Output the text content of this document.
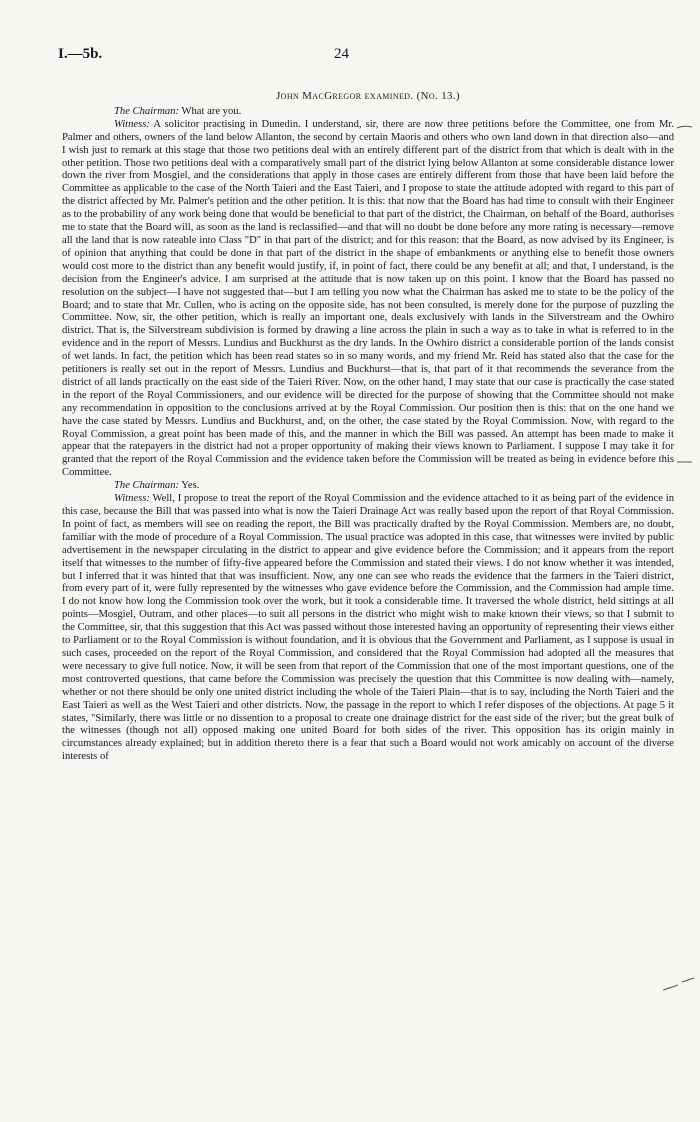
I.—5b.	24

John MacGregor examined. (No. 13.)

The Chairman: What are you.

Witness: A solicitor practising in Dunedin. I understand, sir, there are now three petitions before the Committee, one from Mr. Palmer and others, owners of the land below Allanton, the second by certain Maoris and others who own land down in that direction also—and I wish just to remark at this stage that those two petitions deal with an entirely different part of the district from that which is dealt with in the other petition. Those two petitions deal with a comparatively small part of the district lying below Allanton at some considerable distance lower down the river from Mosgiel, and the considerations that apply in those cases are entirely different from those that have been laid before the Committee as applicable to the case of the North Taieri and the East Taieri, and I propose to state the attitude adopted with regard to this part of the district affected by Mr. Palmer's petition and the other petition. It is this: that now that the Board has had time to consult with their Engineer as to the probability of any work being done that would be beneficial to that part of the district, the Chairman, on behalf of the Board, authorises me to state that the Board will, as soon as the land is reclassified—and that will no doubt be done before any more rating is necessary—remove all the land that is now rateable into Class "D" in that part of the district; and for this reason: that the Board, as now advised by its Engineer, is of opinion that anything that could be done in that part of the district in the shape of embankments or anything else to benefit those owners would cost more to the district than any benefit would justify, if, in point of fact, there could be any benefit at all; and that, I understand, is the decision from the Engineer's advice. I am surprised at the attitude that is now taken up on this point. I know that the Board has passed no resolution on the subject—I have not suggested that—but I am telling you now what the Chairman has asked me to state to be the policy of the Board; and to state that Mr. Cullen, who is acting on the opposite side, has not been consulted, is merely done for the purpose of puzzling the Committee. Now, sir, the other petition, which is really an important one, deals exclusively with lands in the Silverstream and the Owhiro district. That is, the Silverstream subdivision is formed by drawing a line across the plain in such a way as to take in what is referred to in the evidence and in the report of Messrs. Lundius and Buckhurst as the dry lands. In the Owhiro district a considerable portion of the lands consist of wet lands. In fact, the petition which has been read states so in so many words, and my friend Mr. Reid has stated also that the case for the petitioners is really set out in the report of Messrs. Lundius and Buckhurst—that is, that part of it that recommends the severance from the district of all lands practically on the east side of the Taieri River. Now, on the other hand, I may state that our case is practically the case stated in the report of the Royal Commissioners, and our evidence will be directed for the purpose of showing that the Committee should not make any recommendation in opposition to the conclusions arrived at by the Royal Commission. Our position then is this: that on the one hand we have the case stated by Messrs. Lundius and Buckhurst, and, on the other, the case stated by the Royal Commission. Now, with regard to the Royal Commission, a great point has been made of this, and the manner in which the Bill was passed. An attempt has been made to make it appear that the ratepayers in the district had not a proper opportunity of making their views known to Parliament. I suppose I may take it for granted that the report of the Royal Commission and the evidence taken before the Commission will be treated as being in evidence before this Committee.

The Chairman: Yes.

Witness: Well, I propose to treat the report of the Royal Commission and the evidence attached to it as being part of the evidence in this case, because the Bill that was passed into what is now the Taieri Drainage Act was really based upon the report of that Royal Commission. In point of fact, as members will see on reading the report, the Bill was practically drafted by the Royal Commission. Members are, no doubt, familiar with the mode of procedure of a Royal Commission. The usual practice was adopted in this case, that witnesses were invited by public advertisement in the newspaper circulating in the district to appear and give evidence before the Commission; and it appears from the report itself that witnesses to the number of fifty-five appeared before the Commission and stated their views. I do not know whether it was intended, but I inferred that it was hinted that that was insufficient. Now, any one can see who reads the evidence that the farmers in the Taieri district, from every part of it, were fully represented by the witnesses who gave evidence before the Commission, and the Commission had ample time. I do not know how long the Commission took over the work, but it took a considerable time. It traversed the whole district, held sittings at all points—Mosgiel, Outram, and other places—to suit all persons in the district who might wish to make known their views, so that I submit to the Committee, sir, that this suggestion that this Act was passed without those interested having an opportunity of representing their views either to Parliament or to the Royal Commission is without foundation, and it is obvious that the Government and Parliament, as I suppose is usual in such cases, proceeded on the report of the Royal Commission, and considered that the Royal Commission had adopted all the measures that were necessary to give full notice. Now, it will be seen from that report of the Commission that one of the most important questions, one of the most controverted questions, that came before the Commission was precisely the question that this Committee is now dealing with—namely, whether or not there should be only one united district including the whole of the Taieri Plain—that is to say, including the North Taieri and the East Taieri as well as the West Taieri and other districts. Now, the passage in the report to which I refer disposes of the objections. At page 5 it states, "Similarly, there was little or no dissention to a proposal to create one drainage district for the east side of the river; but the great bulk of the witnesses (though not all) opposed making one united Board for both sides of the river. This opposition has its origin mainly in circumstances already explained; but in addition thereto there is a fear that such a Board would not work amicably on account of the diverse interests of
